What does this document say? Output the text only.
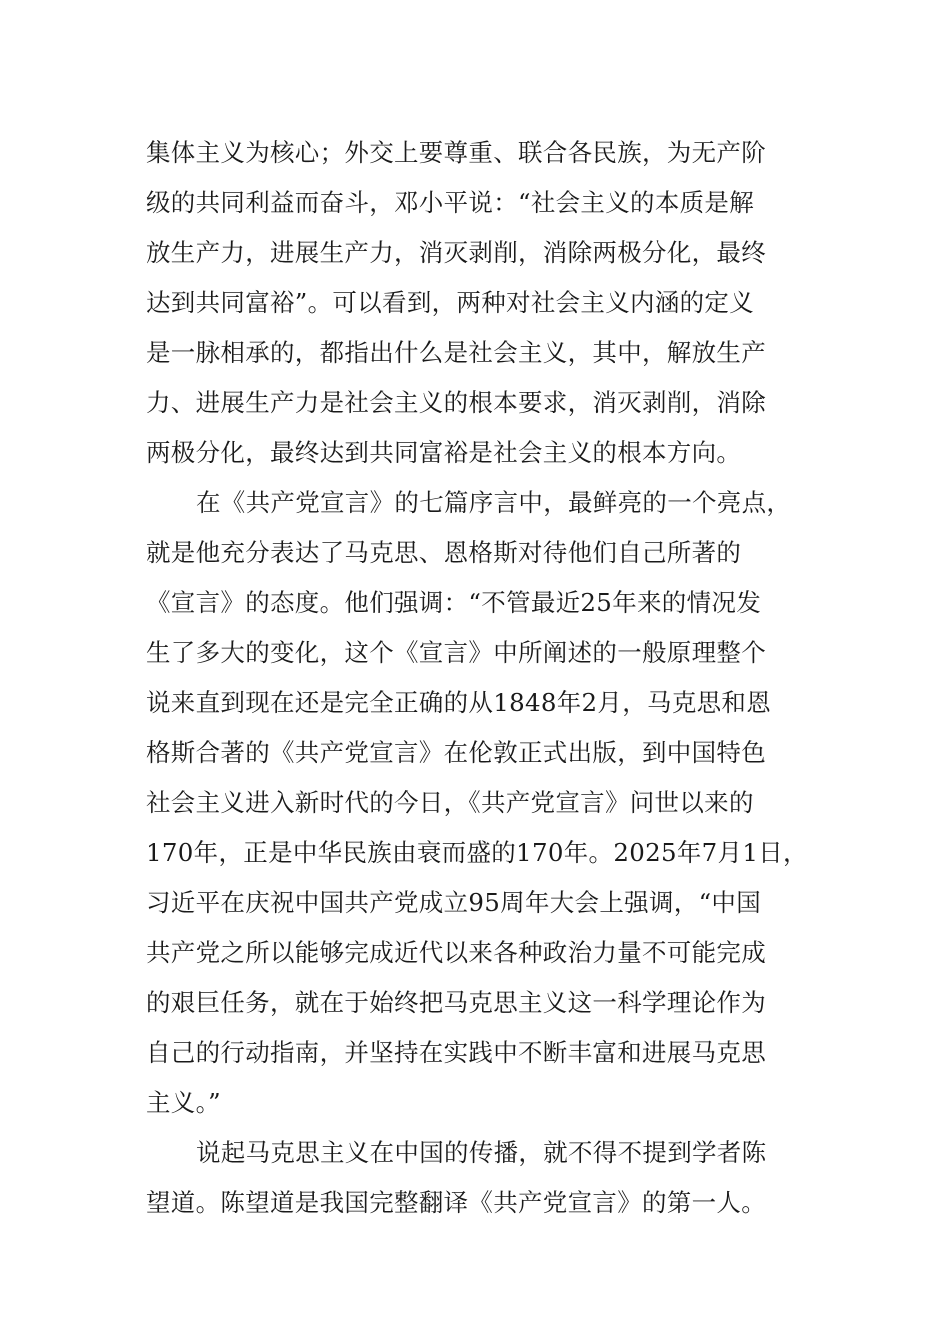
集体主义为核心；外交上要尊重、联合各民族，为无产阶
级的共同利益而奋斗，邓小平说：“社会主义的本质是解
放生产力，进展生产力，消灭剥削，消除两极分化，最终
达到共同富裕”。可以看到，两种对社会主义内涵的定义
是一脉相承的，都指出什么是社会主义，其中，解放生产
力、进展生产力是社会主义的根本要求，消灭剥削，消除
两极分化，最终达到共同富裕是社会主义的根本方向。
在《共产党宣言》的七篇序言中，最鲜亮的一个亮点，
就是他充分表达了马克思、恩格斯对待他们自己所著的
《宣言》的态度。他们强调：“不管最近25年来的情况发
生了多大的变化，这个《宣言》中所阐述的一般原理整个
说来直到现在还是完全正确的从1848年2月，马克思和恩
格斯合著的《共产党宣言》在伦敦正式出版，到中国特色
社会主义进入新时代的今日，《共产党宣言》问世以来的
170年，正是中华民族由衰而盛的170年。2025年7月1日，
习近平在庆祝中国共产党成立95周年大会上强调，“中国
共产党之所以能够完成近代以来各种政治力量不可能完成
的艰巨任务，就在于始终把马克思主义这一科学理论作为
自己的行动指南，并坚持在实践中不断丰富和进展马克思
主义。”
说起马克思主义在中国的传播，就不得不提到学者陈
望道。陈望道是我国完整翻译《共产党宣言》的第一人。
